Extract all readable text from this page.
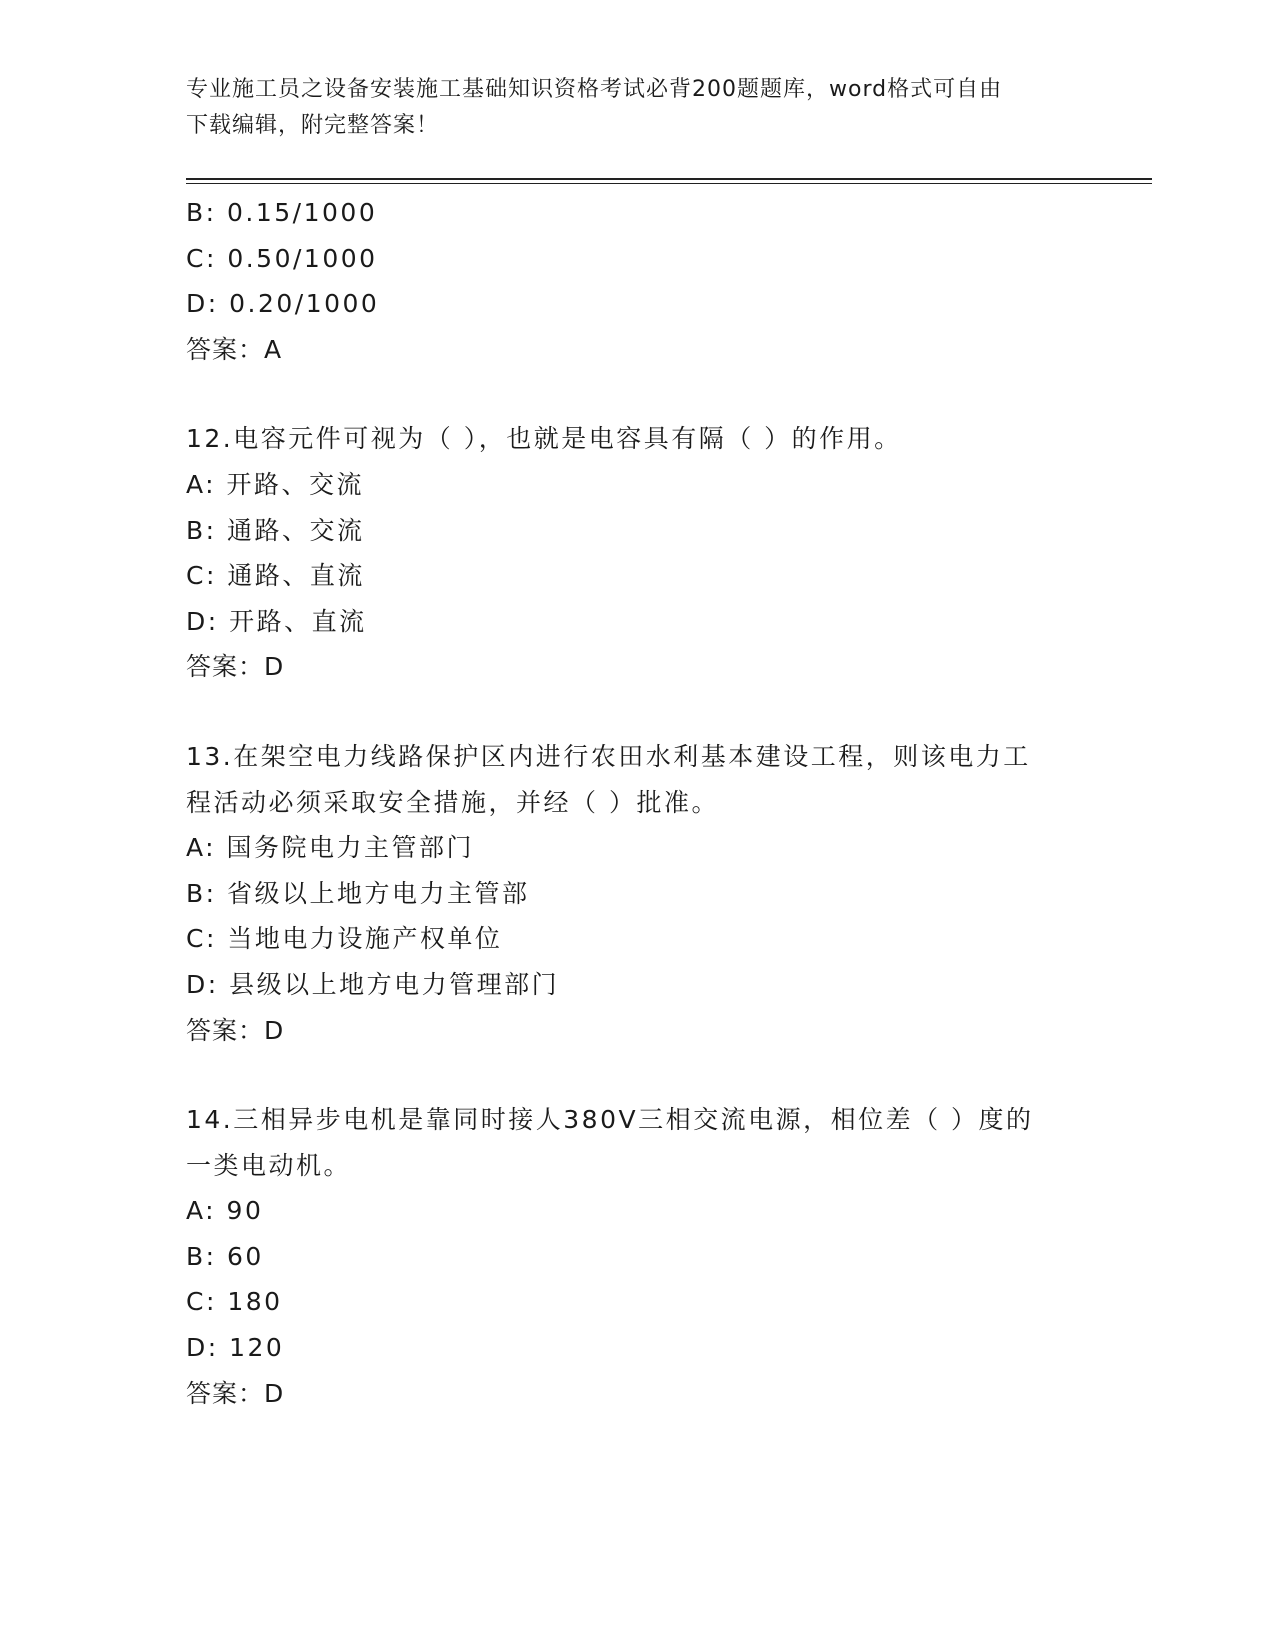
专业施工员之设备安装施工基础知识资格考试必背200题题库，word格式可自由
下载编辑，附完整答案！
B: 0.15/1000
C: 0.50/1000
D: 0.20/1000
答案：A
12.电容元件可视为（ ），也就是电容具有隔（ ）的作用。
A: 开路、交流
B: 通路、交流
C: 通路、直流
D: 开路、直流
答案：D
13.在架空电力线路保护区内进行农田水利基本建设工程，则该电力工
程活动必须采取安全措施，并经（ ）批准。
A: 国务院电力主管部门
B: 省级以上地方电力主管部
C: 当地电力设施产权单位
D: 县级以上地方电力管理部门
答案：D
14.三相异步电机是靠同时接人380V三相交流电源，相位差（ ）度的
一类电动机。
A: 90
B: 60
C: 180
D: 120
答案：D
